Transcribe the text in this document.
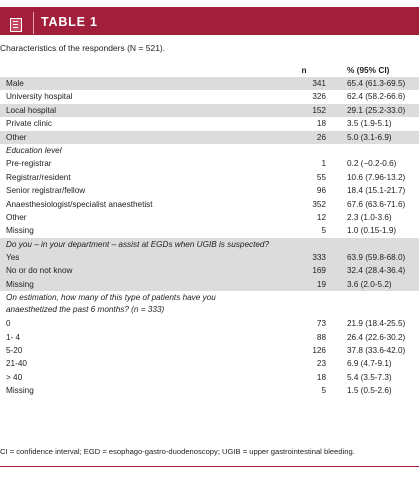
TABLE 1
Characteristics of the responders (N = 521).
n	% (95% CI)
Male	341	65.4 (61.3-69.5)
University hospital	326	62.4 (58.2-66.6)
Local hospital	152	29.1 (25.2-33.0)
Private clinic	18	3.5 (1.9-5.1)
Other	26	5.0 (3.1-6.9)
Education level
Pre-registrar	1	0.2 (−0.2-0.6)
Registrar/resident	55	10.6 (7.96-13.2)
Senior registrar/fellow	96	18.4 (15.1-21.7)
Anaesthesiologist/specialist anaesthetist	352	67.6 (63.6-71.6)
Other	12	2.3 (1.0-3.6)
Missing	5	1.0 (0.15-1.9)
Do you – in your department – assist at EGDs when UGIB is suspected?
Yes	333	63.9 (59.8-68.0)
No or do not know	169	32.4 (28.4-36.4)
Missing	19	3.6 (2.0-5.2)
On estimation, how many of this type of patients have you
anaesthetized the past 6 months? (n = 333)
0	73	21.9 (18.4-25.5)
1- 4	88	26.4 (22.6-30.2)
5-20	126	37.8 (33.6-42.0)
21-40	23	6.9 (4.7-9.1)
> 40	18	5.4 (3.5-7.3)
Missing	5	1.5 (0.5-2.6)
CI = confidence interval; EGD = esophago-gastro-duodenoscopy; UGIB = upper gastrointestinal bleeding.
